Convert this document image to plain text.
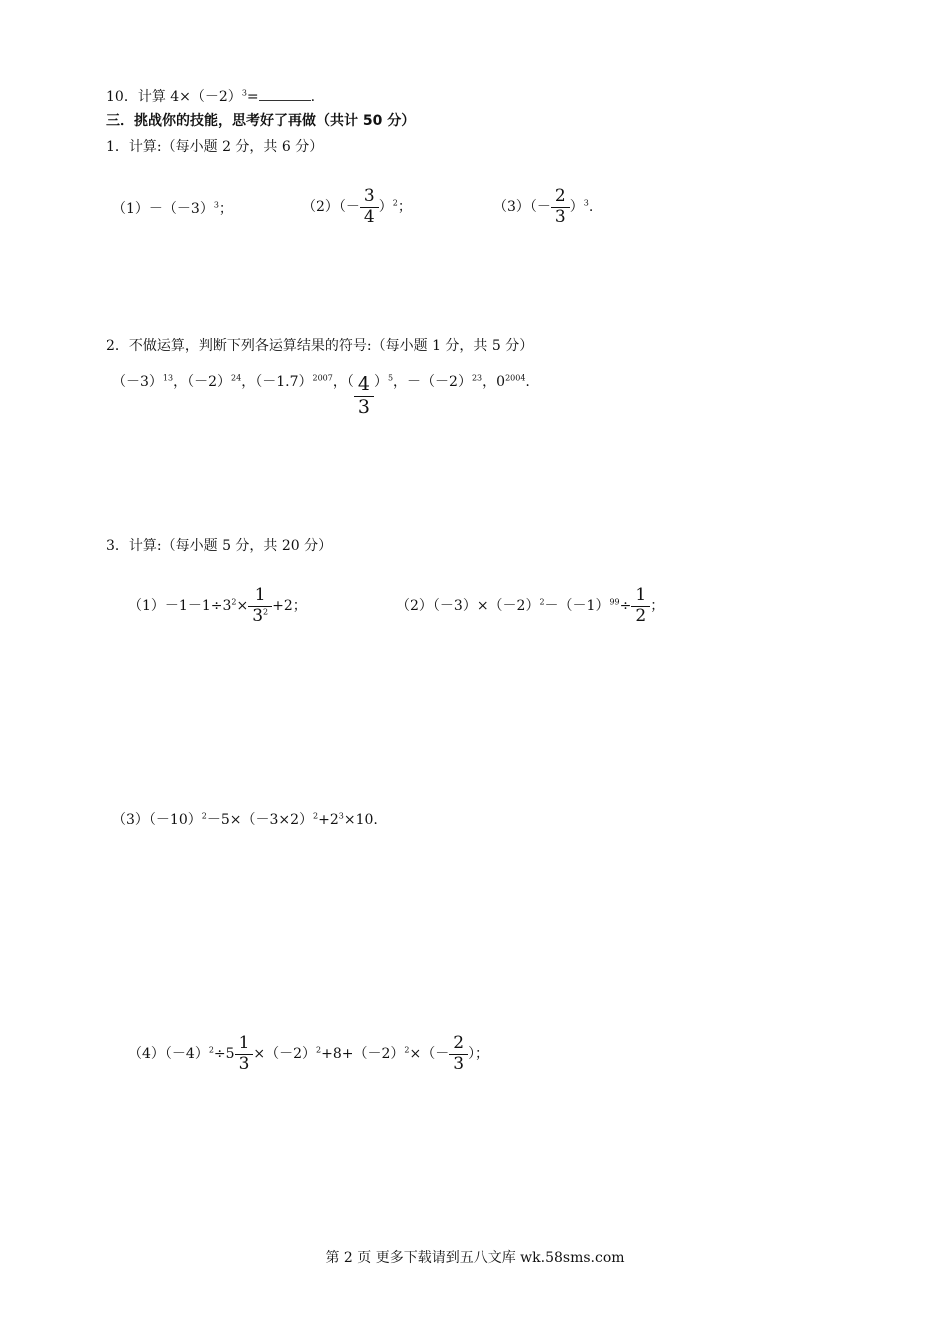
10．计算 $4\times(-2)^3=$	.
三．挑战你的技能，思考好了再做（共计 50 分）
1．计算:（每小题 2 分，共 6 分）
$(1)-(-3)^3$；	$(2)(- \frac{3}{4} )^2$；	$(3)(- \frac{2}{3} )^3$.
2．不做运算，判断下列各运算结果的符号:（每小题 1 分，共 5 分）
$(-3)^{13}$，$(-2)^{24}$，$(-1.7)^{2007}$，（ $\frac{4}{3} )^5$，$-(-2)^{23}$，$0^{2004}$.
3．计算:（每小题 5 分，共 20 分）
$(1)-1-1\div 3^2\times \frac{1}{3^2} +2$；	$(2)(-3)\times(-2)^2-(-1)^{99}\div \frac{1}{2}$ ；
$(3)(-10)^2-5\times(-3\times 2)^2+2^3\times 10$.
$(4)(-4)^2\div 5 \frac{1}{3} \times(-2)^2+8+(-2)^2\times(- \frac{2}{3}$ ）；
第 2 页 更多下载请到五八文库 wk.58sms.com
